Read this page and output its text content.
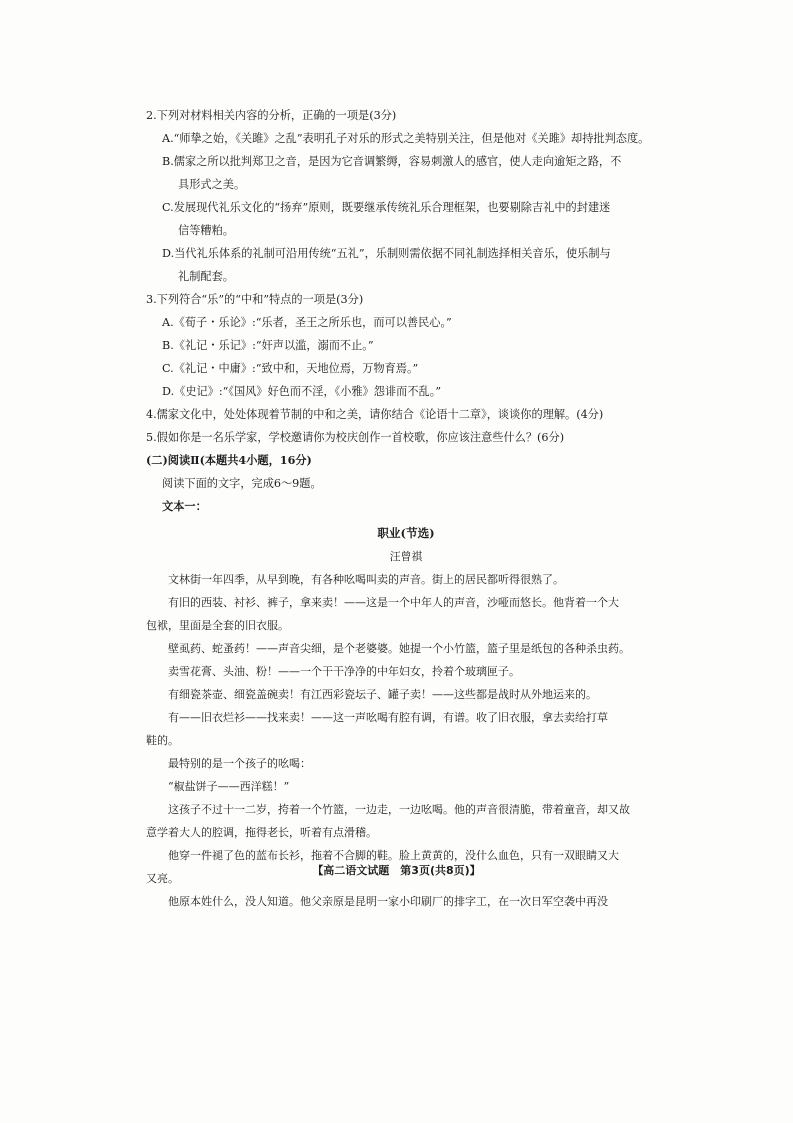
2.下列对材料相关内容的分析，正确的一项是(3分)

A.“师挚之始，《关雎》之乱”表明孔子对乐的形式之美特别关注，但是他对《关雎》却持批判态度。

B.儒家之所以批判郑卫之音，是因为它音调繁缛，容易刺激人的感官，使人走向逾矩之路，不

具形式之美。

C.发展现代礼乐文化的“扬弃”原则，既要继承传统礼乐合理框架，也要剔除吉礼中的封建迷

信等糟粕。

D.当代礼乐体系的礼制可沿用传统“五礼”，乐制则需依据不同礼制选择相关音乐，使乐制与

礼制配套。

3.下列符合“乐”的“中和”特点的一项是(3分)

A.《荀子・乐论》:“乐者，圣王之所乐也，而可以善民心。”

B.《礼记・乐记》:“奸声以滥，溺而不止。”

C.《礼记・中庸》:“致中和，天地位焉，万物育焉。”

D.《史记》:“《国风》好色而不淫，《小雅》怨诽而不乱。”

4.儒家文化中，处处体现着节制的中和之美，请你结合《论语十二章》，谈谈你的理解。(4分)

5.假如你是一名乐学家，学校邀请你为校庆创作一首校歌，你应该注意些什么？(6分)

(二)阅读Ⅱ(本题共4小题，16分)

阅读下面的文字，完成6～9题。

文本一：

职业(节选)

汪曾祺

文林街一年四季，从早到晚，有各种吆喝叫卖的声音。街上的居民都听得很熟了。

有旧的西装、衬衫、裤子，拿来卖！——这是一个中年人的声音，沙哑而悠长。他背着一个大

包袱，里面是全套的旧衣服。

壁虱药、蛇蚤药！——声音尖细，是个老婆婆。她提一个小竹篮，篮子里是纸包的各种杀虫药。

卖雪花膏、头油、粉！——一个干干净净的中年妇女，拎着个玻璃匣子。

有细瓷茶壶、细瓷盖碗卖！有江西彩瓷坛子、罐子卖！——这些都是战时从外地运来的。

有——旧衣烂衫——找来卖！——这一声吆喝有腔有调，有谱。收了旧衣服，拿去卖给打草

鞋的。

最特别的是一个孩子的吆喝：

“椒盐饼子——西洋糕！”

这孩子不过十一二岁，挎着一个竹篮，一边走，一边吆喝。他的声音很清脆，带着童音，却又故

意学着大人的腔调，拖得老长，听着有点滑稽。

他穿一件褪了色的蓝布长衫，拖着不合脚的鞋。脸上黄黄的，没什么血色，只有一双眼睛又大

又亮。

他原本姓什么，没人知道。他父亲原是昆明一家小印刷厂的排字工，在一次日军空袭中再没

【高二语文试题　第3页(共8页)】
